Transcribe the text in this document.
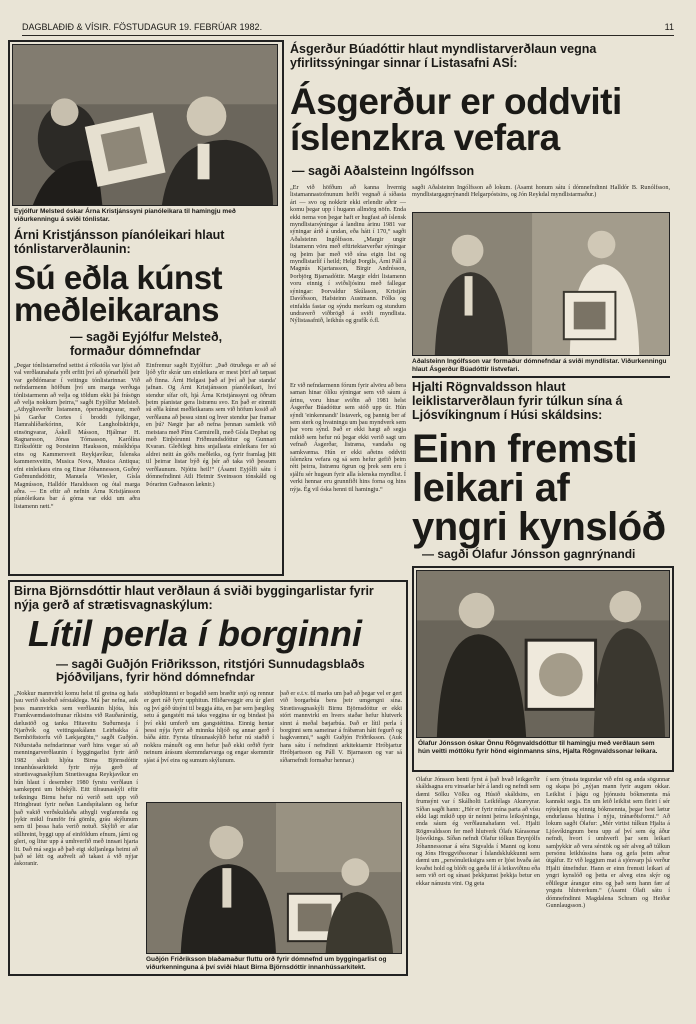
DAGBLAÐIÐ & VÍSIR. FÖSTUDAGUR 19. FEBRÚAR 1982.	11
Eyjólfur Melsted óskar Árna Kristjánssyni píanóleikara til hamingju með viðurkenningu á sviði tónlistar.
Árni Kristjánsson píanóleikari hlaut tónlistarverðlaunin:
Sú eðla kúnst meðleikarans
— sagði Eyjólfur Melsteð, formaður dómnefndar
„Þegar tónlistarnefnd settist á rökstóla var ljóst að val verðlaunahafa yrði erfitt því að sjónarhóll þeir var geðdómarar í veitingu tónlistarinnar. Við nefndarmenn höfðum því um marga verðuga tónlistarmenn að velja og töldum ekki þá frásögn að velja nokkurn þeirra,“ sagði Eyjólfur Melsteð. „Athyglisverðir listamenn, óperusöngvarar, með þá Garðar Cortes í broddi fylkingar, Hamrahlíðarkórinn, Kór Langholtskirkju, einsöngvarar, Áskell Másson, Hjálmar H. Ragnarsson, Jónas Tómasson, Karólína Eiríksdóttir og Þorsteinn Hauksson, músíkhópa eins og Kammersveit Reykjavíkur, Íslenska kammersveitin, Musica Nova, Musica Antiqua; efni einleikara eins og Einar Jóhannesson, Guðný Guðmundsdóttir, Manuela Wiesler, Gísla Magnússon, Halldór Haraldsson og ótal marga aðra. — En eftir að nefnin Árna Kristjánsson píanóleikara bar á góma var ekki um aðra listamenn rætt.“
Einfremur sagði Eyjólfur: „Það ötruðega er að sé ljóð yfir skrár um einleikara er mest þörf að tæpast að finna. Árni Helgasi það af því að þar standa' jafnan. Og Árni Kristjánsson píanóleikari, hví stendur sífar oft, hjá Árna Kristjánssyni og öðrum þeim píanistar gera listrænu svo. En það er einmitt sú eðla kúnst meðleikarans sem við höfum kosið að verðlauna að þessu sinni og hver stendur þar framar en þú? Nægir þar að nefna þennan samleik við meistara með Pínu Carmirelli, með Gísla Dephat og með Einþórunni Friðmundsdóttur og Gunnari Kvaran. Gleðilegt hins snjallasta einleikara fer sú aldrei neitt án góðs meðleiks, og fyrir framlag þitt til þeirrar listar býð ég þér að taka við þessum verðlaunum. Njóttu heil!“ (Ásamt Eyjólfi sátu í dómnefndinni Atli Heimir Sveinsson tónskáld og Þórarinn Guðnason læknir.)
Ásgerður Búadóttir hlaut myndlistarverðlaun vegna yfirlitssýningar sinnar í Listasafni ASÍ:
Ásgerður er oddviti íslenzkra vefara
— sagði Aðalsteinn Ingólfsson
„Er við höfðum að kanna hvernig listamannastofnunum hefði vegnað á síðasta ári — svo og nokkrir ekki erlendir aðrir — komu þegar upp í hugann allmörg nöfn. Enda ekki nema von þegar haft er hugfast að íslensk myndlistarsýningar á landinu árinu 1981 var sýningar árið á undan, eða hátt í 170,“ sagði Aðalsteinn Ingólfsson. „Margir ungir listamenn vöru með eftirtektarverðar sýningar og þeim þar með við sína eigin list og myndlistarlíf í heild; Helgi Þorgils, Árni Páll á Magnús Kjartansson, Birgir Andrésson, Þorbjörg Bjarnadóttir. Margir eldri listamenn voru einnig í sviðsljósinu með fallegar sýningar: Þorvaldur Skúlason, Kristján Davíðsson, Hafsteinn Austmann. Fólks og einfalda fastar og sýndu merkum og stundum undraverð viðbrögð á sviði myndlista. Nýlistasafnið, leikhús og grafík ó.fl.
Er við nefndarmenn fórum fyrir alvöru að bera saman hinar ólíku sýningar sem við sáum á árinu, voru hinar sviðin að 1981 helst Ásgerðar Búadóttur sem stóð upp úr. Hún sýndi 'einkennandi' listaverk, og þannig ber af sem sterk og hvatningu um þau myndverk sem þar voru sýnd. Það er ekki hægt að segja mikið sem hefur nú þegar ekki verið sagt um vefnað Ásgerðar, listræna, vandaða og samkvæma. Hún er ekki aðeins oddviti íslenzkra vefara og sá sem hefur gefið þeim rétt þeirra, listrænu ögrun og þrek sem eru í sjálfu sér hugsun fyrir alla íslenska myndlist. Í verki hennar eru grunnfiði hins forna og hins nýja. Ég vil óska henni til hamingju.“
sagði Aðalsteinn Ingólfsson að lokum. (Ásamt honum sátu í dómnefndinni Halldór B. Runólfsson, myndlistargagnrýnandi Helgarpóstsins, og Jón Reykdal myndlistarmaður.)
Aðalsteinn Ingólfsson var formaður dómnefndar á sviði myndlistar. Viðurkenningu hlaut Ásgerður Búadóttir listvefari.
Hjalti Rögnvaldsson hlaut leiklistarverðlaun fyrir túlkun sína á Ljósvíkingnum í Húsi skáldsins:
Einn fremsti leikari af yngri kynslóð
— sagði Ólafur Jónsson gagnrýnandi
Ólafur Jónsson óskar Önnu Rögnvaldsdóttur til hamingju með verðlaun sem hún veitti móttöku fyrir hönd eiginmanns síns, Hjalta Rögnvaldssonar leikara.
Ólafur Jónsson benti fyrst á það hvað leikgerðir skáldsagna eru vinsælar hér á landi og nefndi sem dæmi Sölku Völku og Húsið skáldsins, en frumsýnt var í Skálholti Leikfélags Akureyrar. Síðan sagði hann: „Hér er fyrir mína parta að vísu ekki lagt mikið upp úr neinni þeirra leiksýninga, enda sáum ég verðlaunahafann vel. Hjalti Rögnvaldsson fer með hlutverk Ólafs Kárasonar ljósvíkings. Síðan nefndi Ólafur tólkun Brynjólfs Jóhannessonar á séra Sigvalda í Manni og konu og Jóns Hreggviðssonar í Íslandsklukkunni sem dæmi um „persónuleiksigra sem er ljóst hvaða ást kvaðst hold og blóði og gæða líf á leiksviðinu eða sem við ort og sínast þekkjumst þekkja betur en ekkar nánustu vini. Og geta
í sem ýtrasta tegundar við efni og anda sögunnar og skapa þó „nýjan mann fyrir augum okkar. Leiklist í þágu og þjónustu bókmennta má kannski segja. En um leið leiklist sem fleiri í sér nýtekjum og einnig bókmennta, þegar best lætur endurlausa hlutina í nýju, tránæðisformi.“ Að lokum sagði Ólafur: „Mér virtist túlkun Hjalta á Ljósvíkingnum bera upp af því sem ég áður nefndi, hvort í umhverfi þar sem leikari samþykkir að vera sérstök og sér alveg að túlkun persónu leikhússins hans og gefa þeim aðrar útgáfur. Er við leggjum mat á sjónvarp þá verður Hjalti útnefndur. Hann er einn fremsti leikari af yngri kynslóð og þetta er alveg eins skýr og eðlilegur árangur eins og það sem hann fær af yngstu hlutverkum.“ (Ásamt Ólafi sátu í dómnefndinni Magdalena Schram og Heiðar Gunnlaugsson.)
Birna Björnsdóttir hlaut verðlaun á sviði byggingarlistar fyrir nýja gerð af strætisvagnaskýlum:
Lítil perla í borginni
— sagði Guðjón Friðriksson, ritstjóri Sunnudagsblaðs Þjóðviljans, fyrir hönd dómnefndar
„Nokkur mannvirki komu helst til greina og hafa þau verið skoðuð sérstaklega. Má þar nefna, auk þess mannvirkis sem verðlaunin hljóta, hús Framkvæmdastofnunar ríkisins við Rauðarárstíg, dælustöð og tanka Hitaveitu Suðurnesja í Njarðvík og veitingaskálann Leirbakka á Bernhöftstorfu við Lækjargötu,“ sagði Guðjón. Niðurstaða nefndarinnar varð hins vegar sú að menningarverðlaunin í byggingarlist fyrir árið 1982 skuli hljóta Birna Björnsdóttir innanhússarkitekt fyrir nýja gerð af strætisvagnaskýlum Strætisvagna Reykjavíkur en hún hlaut í desember 1980 fyrstu verðlaun í samkeppni um biðskýli. Eitt tilraunaskýli eftir teikningu Birnu hefur nú verið sett upp við Hringbraut fyrir neðan Landspítalann og hefur það vakið verðskuldaða athygli vegfarenda og þykir mikil framför frá gömlu, gráu skýlunum sem til þessa hafa verið notuð. Skýlið er afar stílhreint, byggt upp af einföldum efnum, járni og gleri, og litur upp á umhverfið með innsæi hjarta lit. Það má segja að það eigi skiljanlega heimi að það sé létt og auðvelt að takast á við nýjar áskoranir.
stöðuplötunni er bogadið sem bræðir snjó og rennur er gert ráð fyrir upphitun. Hliðarveggir eru úr gleri og því góð útsýni til beggja átta, en þar sem þægileg setu á gangstétt má taka veggina úr og bindast þá því ekki umferð um gangstéttina. Einnig hentar þessi nýja fyrir að minnka hljóð og annar gerð í báða áttir. Fyrsta tilraunaskýlið hefur nú staðið í nokkra mánuði og enn hefur það ekki orðið fyrir neinum árásum skemmdarvarga og engar skemmtir sjást á því eins og sumum skýlunum.
það er e.t.v. til marks um það að þegar vel er gert við borgarbúa bera þeir umgengni sína. Strætisvagnaskýli Birnu Björnsdóttur er ekki stórt mannvirki en hvers staðar hefur hlutverk sinnt á meðal bæjarbúa. Það er lítil perla í borginni sem sameinar á frábæran hátt fegurð og hagkvæmni,“ sagði Guðjón Friðriksson. (Auk hans sátu í nefndinni arkitektarnir Hróbjartur Hróbjartsson og Páll V. Bjarnason og var sá síðarnefndi formaður hennar.)
Guðjón Friðriksson blaðamaður fluttu orð fyrir dómnefnd um byggingarlist og viðurkenninguna á því sviði hlaut Birna Björnsdóttir innanhússarkitekt.
